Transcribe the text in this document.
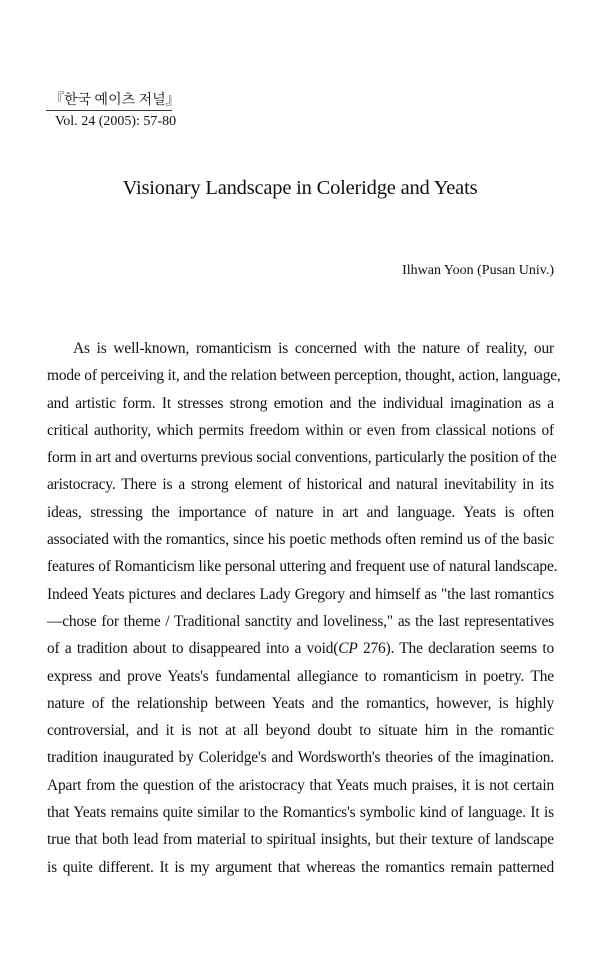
『한국 예이츠 저널』
Vol. 24 (2005): 57-80
Visionary Landscape in Coleridge and Yeats
Ilhwan Yoon (Pusan Univ.)
As is well-known, romanticism is concerned with the nature of reality, our
mode of perceiving it, and the relation between perception, thought, action, language,
and artistic form. It stresses strong emotion and the individual imagination as a
critical authority, which permits freedom within or even from classical notions of
form in art and overturns previous social conventions, particularly the position of the
aristocracy. There is a strong element of historical and natural inevitability in its
ideas, stressing the importance of nature in art and language. Yeats is often
associated with the romantics, since his poetic methods often remind us of the basic
features of Romanticism like personal uttering and frequent use of natural landscape.
Indeed Yeats pictures and declares Lady Gregory and himself as "the last romantics
—chose for theme / Traditional sanctity and loveliness," as the last representatives
of a tradition about to disappeared into a void(CP 276). The declaration seems to
express and prove Yeats's fundamental allegiance to romanticism in poetry. The
nature of the relationship between Yeats and the romantics, however, is highly
controversial, and it is not at all beyond doubt to situate him in the romantic
tradition inaugurated by Coleridge's and Wordsworth's theories of the imagination.
Apart from the question of the aristocracy that Yeats much praises, it is not certain
that Yeats remains quite similar to the Romantics's symbolic kind of language. It is
true that both lead from material to spiritual insights, but their texture of landscape
is quite different. It is my argument that whereas the romantics remain patterned
